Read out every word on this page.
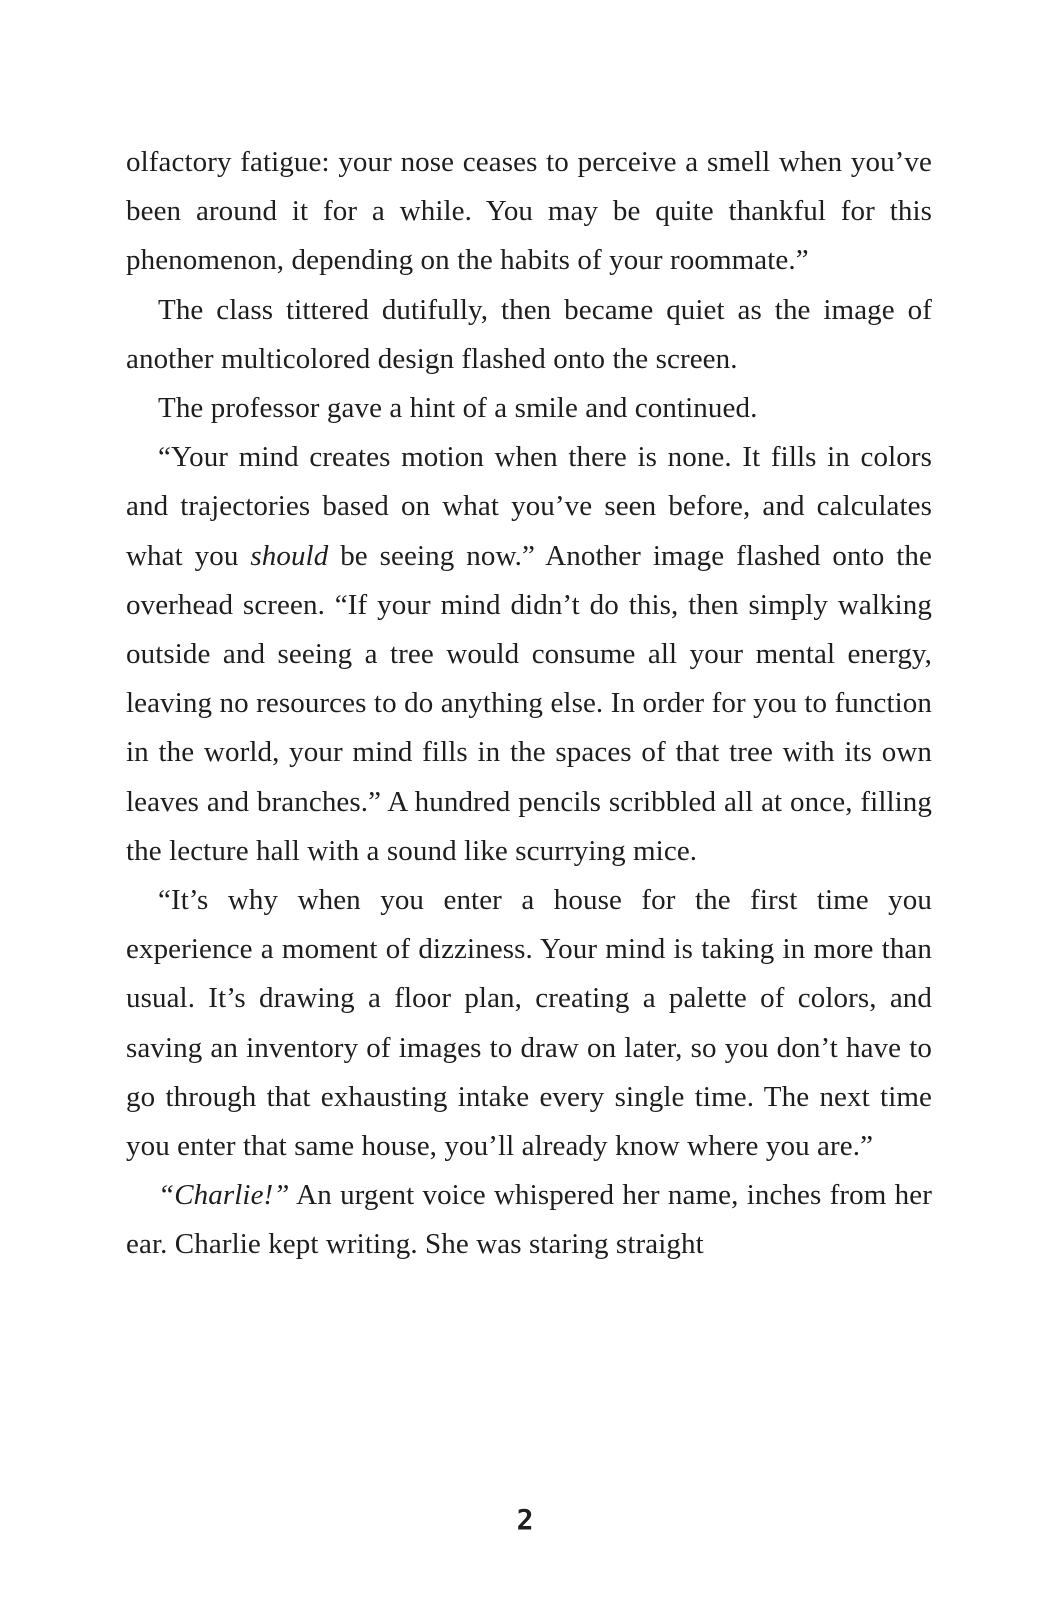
olfactory fatigue: your nose ceases to perceive a smell when you’ve been around it for a while. You may be quite thankful for this phenomenon, depending on the habits of your roommate.”

The class tittered dutifully, then became quiet as the image of another multicolored design flashed onto the screen.

The professor gave a hint of a smile and continued.

“Your mind creates motion when there is none. It fills in colors and trajectories based on what you’ve seen before, and calculates what you should be seeing now.” Another image flashed onto the overhead screen. “If your mind didn’t do this, then simply walking outside and seeing a tree would consume all your mental energy, leaving no resources to do anything else. In order for you to function in the world, your mind fills in the spaces of that tree with its own leaves and branches.” A hundred pencils scribbled all at once, filling the lecture hall with a sound like scurrying mice.

“It’s why when you enter a house for the first time you experience a moment of dizziness. Your mind is taking in more than usual. It’s drawing a floor plan, creating a palette of colors, and saving an inventory of images to draw on later, so you don’t have to go through that exhausting intake every single time. The next time you enter that same house, you’ll already know where you are.”

“Charlie!” An urgent voice whispered her name, inches from her ear. Charlie kept writing. She was staring straight

2
